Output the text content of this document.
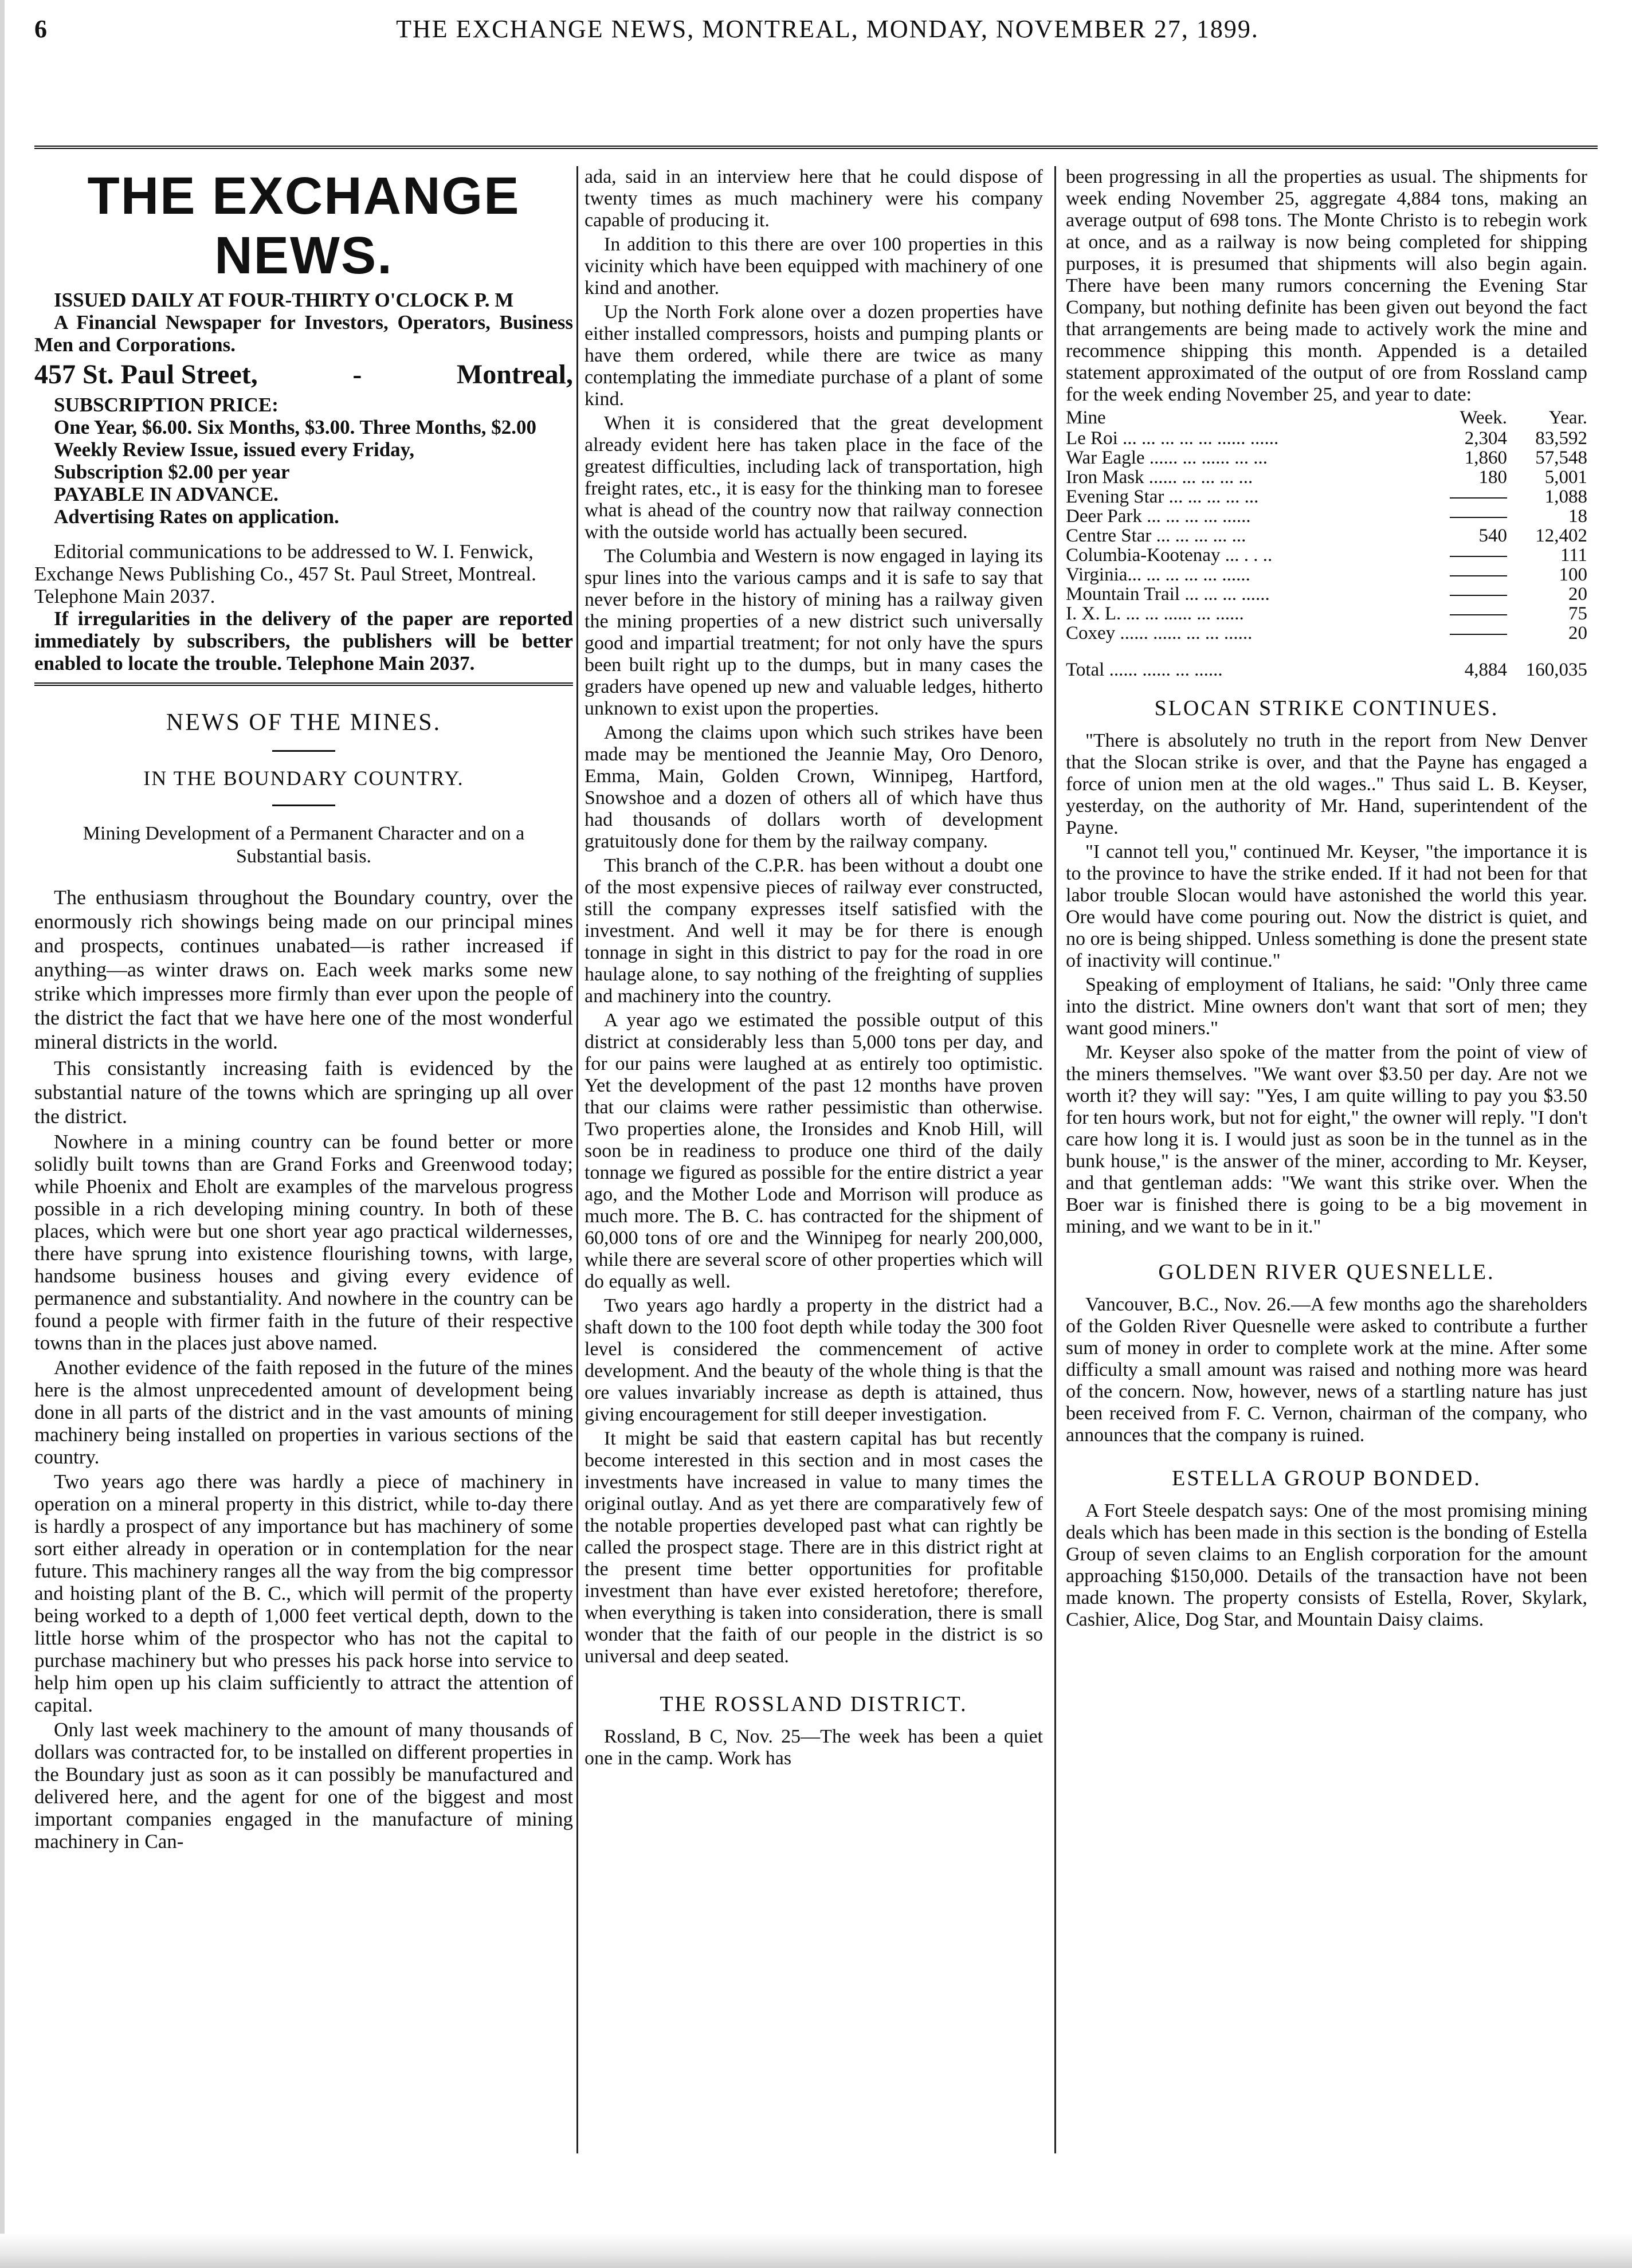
6	THE EXCHANGE NEWS, MONTREAL, MONDAY, NOVEMBER 27, 1899.
THE EXCHANGE NEWS.

ISSUED DAILY AT FOUR-THIRTY O'CLOCK P. M

A Financial Newspaper for Investors, Operators, Business Men and Corporations.

457 St. Paul Street,	-	Montreal,

SUBSCRIPTION PRICE:

One Year, $6.00. Six Months, $3.00. Three Months, $2.00

Weekly Review Issue, issued every Friday,

Subscription $2.00 per year

PAYABLE IN ADVANCE.

Advertising Rates on application.

Editorial communications to be addressed to W. I. Fenwick, Exchange News Publishing Co., 457 St. Paul Street, Montreal. Telephone Main 2037.

If irregularities in the delivery of the paper are reported immediately by subscribers, the publishers will be better enabled to locate the trouble. Telephone Main 2037.

NEWS OF THE MINES.
IN THE BOUNDARY COUNTRY.
Mining Development of a Permanent Character and on a Substantial basis.

The enthusiasm throughout the Boundary country, over the enormously rich showings being made on our principal mines and prospects, continues unabated—is rather increased if anything—as winter draws on. Each week marks some new strike which impresses more firmly than ever upon the people of the district the fact that we have here one of the most wonderful mineral districts in the world.

This consistantly increasing faith is evidenced by the substantial nature of the towns which are springing up all over the district.

Nowhere in a mining country can be found better or more solidly built towns than are Grand Forks and Greenwood today; while Phoenix and Eholt are examples of the marvelous progress possible in a rich developing mining country. In both of these places, which were but one short year ago practical wildernesses, there have sprung into existence flourishing towns, with large, handsome business houses and giving every evidence of permanence and substantiality. And nowhere in the country can be found a people with firmer faith in the future of their respective towns than in the places just above named.

Another evidence of the faith reposed in the future of the mines here is the almost unprecedented amount of development being done in all parts of the district and in the vast amounts of mining machinery being installed on properties in various sections of the country.

Two years ago there was hardly a piece of machinery in operation on a mineral property in this district, while to-day there is hardly a prospect of any importance but has machinery of some sort either already in operation or in contemplation for the near future. This machinery ranges all the way from the big compressor and hoisting plant of the B. C., which will permit of the property being worked to a depth of 1,000 feet vertical depth, down to the little horse whim of the prospector who has not the capital to purchase machinery but who presses his pack horse into service to help him open up his claim sufficiently to attract the attention of capital.

Only last week machinery to the amount of many thousands of dollars was contracted for, to be installed on different properties in the Boundary just as soon as it can possibly be manufactured and delivered here, and the agent for one of the biggest and most important companies engaged in the manufacture of mining machinery in Can-

ada, said in an interview here that he could dispose of twenty times as much machinery were his company capable of producing it.

In addition to this there are over 100 properties in this vicinity which have been equipped with machinery of one kind and another.

Up the North Fork alone over a dozen properties have either installed compressors, hoists and pumping plants or have them ordered, while there are twice as many contemplating the immediate purchase of a plant of some kind.

When it is considered that the great development already evident here has taken place in the face of the greatest difficulties, including lack of transportation, high freight rates, etc., it is easy for the thinking man to foresee what is ahead of the country now that railway connection with the outside world has actually been secured.

The Columbia and Western is now engaged in laying its spur lines into the various camps and it is safe to say that never before in the history of mining has a railway given the mining properties of a new district such universally good and impartial treatment; for not only have the spurs been built right up to the dumps, but in many cases the graders have opened up new and valuable ledges, hitherto unknown to exist upon the properties.

Among the claims upon which such strikes have been made may be mentioned the Jeannie May, Oro Denoro, Emma, Main, Golden Crown, Winnipeg, Hartford, Snowshoe and a dozen of others all of which have thus had thousands of dollars worth of development gratuitously done for them by the railway company.

This branch of the C.P.R. has been without a doubt one of the most expensive pieces of railway ever constructed, still the company expresses itself satisfied with the investment. And well it may be for there is enough tonnage in sight in this district to pay for the road in ore haulage alone, to say nothing of the freighting of supplies and machinery into the country.

A year ago we estimated the possible output of this district at considerably less than 5,000 tons per day, and for our pains were laughed at as entirely too optimistic. Yet the development of the past 12 months have proven that our claims were rather pessimistic than otherwise. Two properties alone, the Ironsides and Knob Hill, will soon be in readiness to produce one third of the daily tonnage we figured as possible for the entire district a year ago, and the Mother Lode and Morrison will produce as much more. The B. C. has contracted for the shipment of 60,000 tons of ore and the Winnipeg for nearly 200,000, while there are several score of other properties which will do equally as well.

Two years ago hardly a property in the district had a shaft down to the 100 foot depth while today the 300 foot level is considered the commencement of active development. And the beauty of the whole thing is that the ore values invariably increase as depth is attained, thus giving encouragement for still deeper investigation.

It might be said that eastern capital has but recently become interested in this section and in most cases the investments have increased in value to many times the original outlay. And as yet there are comparatively few of the notable properties developed past what can rightly be called the prospect stage. There are in this district right at the present time better opportunities for profitable investment than have ever existed heretofore; therefore, when everything is taken into consideration, there is small wonder that the faith of our people in the district is so universal and deep seated.

THE ROSSLAND DISTRICT.

Rossland, B C, Nov. 25—The week has been a quiet one in the camp. Work has

been progressing in all the properties as usual. The shipments for week ending November 25, aggregate 4,884 tons, making an average output of 698 tons. The Monte Christo is to rebegin work at once, and as a railway is now being completed for shipping purposes, it is presumed that shipments will also begin again. There have been many rumors concerning the Evening Star Company, but nothing definite has been given out beyond the fact that arrangements are being made to actively work the mine and recommence shipping this month. Appended is a detailed statement approximated of the output of ore from Rossland camp for the week ending November 25, and year to date:

Mine	Week.	Year.
Le Roi ... ... ... ... ... ...... ......	2,304	83,592
War Eagle ...... ... ...... ... ...	1,860	57,548
Iron Mask ...... ... ... ... ...	180	5,001
Evening Star ... ... ... ... ...		1,088
Deer Park ... ... ... ... ......		18
Centre Star ... ... ... ... ...	540	12,402
Columbia-Kootenay ... . . ..		111
Virginia... ... ... ... ... ......		100
Mountain Trail ... ... ... ......		20
I. X. L. ... ... ...... ... ......		75
Coxey ...... ...... ... ... ......		20
Total ...... ...... ... ......	4,884	160,035
SLOCAN STRIKE CONTINUES.

"There is absolutely no truth in the report from New Denver that the Slocan strike is over, and that the Payne has engaged a force of union men at the old wages.." Thus said L. B. Keyser, yesterday, on the authority of Mr. Hand, superintendent of the Payne.

"I cannot tell you," continued Mr. Keyser, "the importance it is to the province to have the strike ended. If it had not been for that labor trouble Slocan would have astonished the world this year. Ore would have come pouring out. Now the district is quiet, and no ore is being shipped. Unless something is done the present state of inactivity will continue."

Speaking of employment of Italians, he said: "Only three came into the district. Mine owners don't want that sort of men; they want good miners."

Mr. Keyser also spoke of the matter from the point of view of the miners themselves. "We want over $3.50 per day. Are not we worth it? they will say: "Yes, I am quite willing to pay you $3.50 for ten hours work, but not for eight," the owner will reply. "I don't care how long it is. I would just as soon be in the tunnel as in the bunk house," is the answer of the miner, according to Mr. Keyser, and that gentleman adds: "We want this strike over. When the Boer war is finished there is going to be a big movement in mining, and we want to be in it."

GOLDEN RIVER QUESNELLE.

Vancouver, B.C., Nov. 26.—A few months ago the shareholders of the Golden River Quesnelle were asked to contribute a further sum of money in order to complete work at the mine. After some difficulty a small amount was raised and nothing more was heard of the concern. Now, however, news of a startling nature has just been received from F. C. Vernon, chairman of the company, who announces that the company is ruined.

ESTELLA GROUP BONDED.

A Fort Steele despatch says: One of the most promising mining deals which has been made in this section is the bonding of Estella Group of seven claims to an English corporation for the amount approaching $150,000. Details of the transaction have not been made known. The property consists of Estella, Rover, Skylark, Cashier, Alice, Dog Star, and Mountain Daisy claims.
